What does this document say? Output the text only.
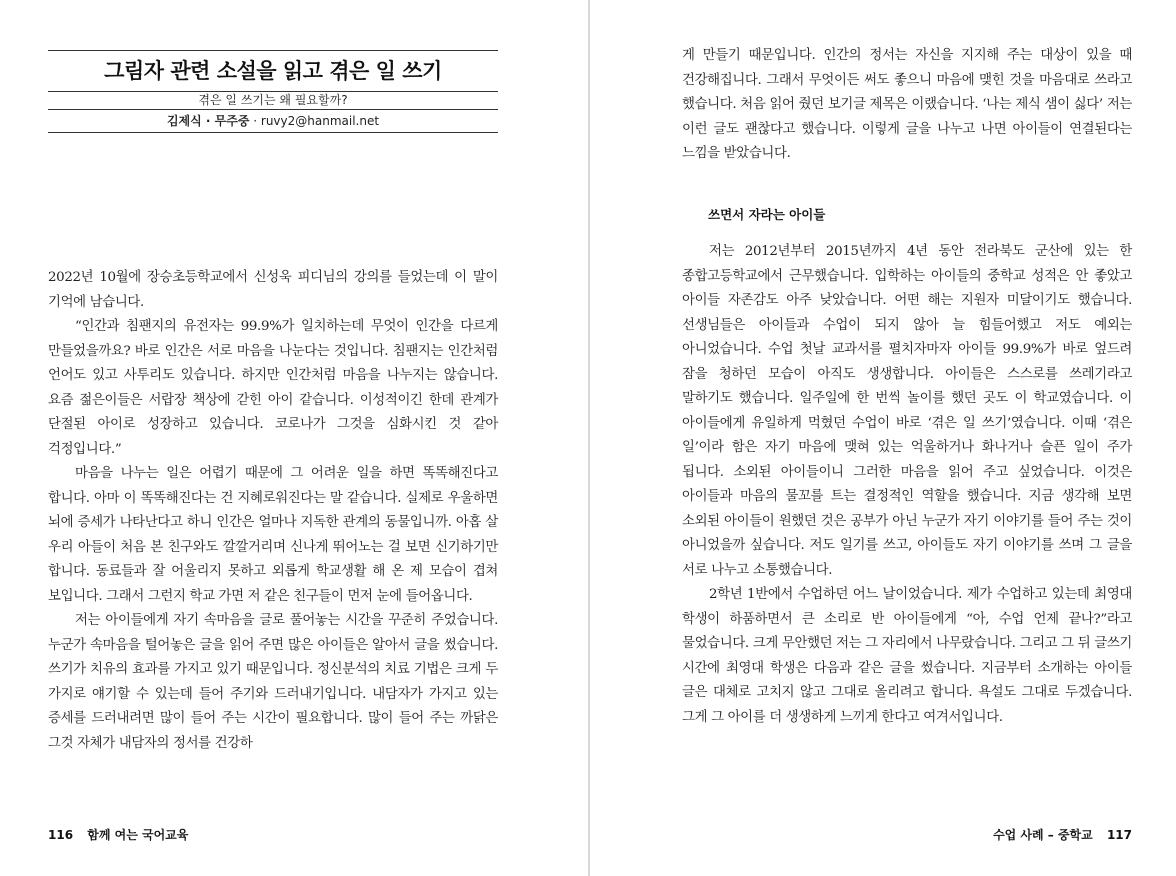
그림자 관련 소설을 읽고 겪은 일 쓰기
겪은 일 쓰기는 왜 필요할까?
김제식 · 무주중 · ruvy2@hanmail.net

2022년 10월에 장승초등학교에서 신성욱 피디님의 강의를 들었는데 이 말이 기억에 남습니다.

“인간과 침팬지의 유전자는 99.9%가 일치하는데 무엇이 인간을 다르게 만들었을까요? 바로 인간은 서로 마음을 나눈다는 것입니다. 침팬지는 인간처럼 언어도 있고 사투리도 있습니다. 하지만 인간처럼 마음을 나누지는 않습니다. 요즘 젊은이들은 서랍장 책상에 갇힌 아이 같습니다. 이성적이긴 한데 관계가 단절된 아이로 성장하고 있습니다. 코로나가 그것을 심화시킨 것 같아 걱정입니다.”

마음을 나누는 일은 어렵기 때문에 그 어려운 일을 하면 똑똑해진다고 합니다. 아마 이 똑똑해진다는 건 지혜로워진다는 말 같습니다. 실제로 우울하면 뇌에 증세가 나타난다고 하니 인간은 얼마나 지독한 관계의 동물입니까. 아홉 살 우리 아들이 처음 본 친구와도 깔깔거리며 신나게 뛰어노는 걸 보면 신기하기만 합니다. 동료들과 잘 어울리지 못하고 외롭게 학교생활 해 온 제 모습이 겹쳐 보입니다. 그래서 그런지 학교 가면 저 같은 친구들이 먼저 눈에 들어옵니다.

저는 아이들에게 자기 속마음을 글로 풀어놓는 시간을 꾸준히 주었습니다. 누군가 속마음을 털어놓은 글을 읽어 주면 많은 아이들은 알아서 글을 썼습니다. 쓰기가 치유의 효과를 가지고 있기 때문입니다. 정신분석의 치료 기법은 크게 두 가지로 얘기할 수 있는데 들어 주기와 드러내기입니다. 내담자가 가지고 있는 증세를 드러내려면 많이 들어 주는 시간이 필요합니다. 많이 들어 주는 까닭은 그것 자체가 내담자의 정서를 건강하

116 함께 여는 국어교육

게 만들기 때문입니다. 인간의 정서는 자신을 지지해 주는 대상이 있을 때 건강해집니다. 그래서 무엇이든 써도 좋으니 마음에 맺힌 것을 마음대로 쓰라고 했습니다. 처음 읽어 줬던 보기글 제목은 이랬습니다. ‘나는 제식 샘이 싫다’ 저는 이런 글도 괜찮다고 했습니다. 이렇게 글을 나누고 나면 아이들이 연결된다는 느낌을 받았습니다.

쓰면서 자라는 아이들

저는 2012년부터 2015년까지 4년 동안 전라북도 군산에 있는 한 종합고등학교에서 근무했습니다. 입학하는 아이들의 중학교 성적은 안 좋았고 아이들 자존감도 아주 낮았습니다. 어떤 해는 지원자 미달이기도 했습니다. 선생님들은 아이들과 수업이 되지 않아 늘 힘들어했고 저도 예외는 아니었습니다. 수업 첫날 교과서를 펼치자마자 아이들 99.9%가 바로 엎드려 잠을 청하던 모습이 아직도 생생합니다. 아이들은 스스로를 쓰레기라고 말하기도 했습니다. 일주일에 한 번씩 놀이를 했던 곳도 이 학교였습니다. 이 아이들에게 유일하게 먹혔던 수업이 바로 ‘겪은 일 쓰기’였습니다. 이때 ‘겪은 일’이라 함은 자기 마음에 맺혀 있는 억울하거나 화나거나 슬픈 일이 주가 됩니다. 소외된 아이들이니 그러한 마음을 읽어 주고 싶었습니다. 이것은 아이들과 마음의 물꼬를 트는 결정적인 역할을 했습니다. 지금 생각해 보면 소외된 아이들이 원했던 것은 공부가 아닌 누군가 자기 이야기를 들어 주는 것이 아니었을까 싶습니다. 저도 일기를 쓰고, 아이들도 자기 이야기를 쓰며 그 글을 서로 나누고 소통했습니다.

2학년 1반에서 수업하던 어느 날이었습니다. 제가 수업하고 있는데 최영대 학생이 하품하면서 큰 소리로 반 아이들에게 “아, 수업 언제 끝나?”라고 물었습니다. 크게 무안했던 저는 그 자리에서 나무랐습니다. 그리고 그 뒤 글쓰기 시간에 최영대 학생은 다음과 같은 글을 썼습니다. 지금부터 소개하는 아이들 글은 대체로 고치지 않고 그대로 올리려고 합니다. 욕설도 그대로 두겠습니다. 그게 그 아이를 더 생생하게 느끼게 한다고 여겨서입니다.

수업 사례 – 중학교 117
